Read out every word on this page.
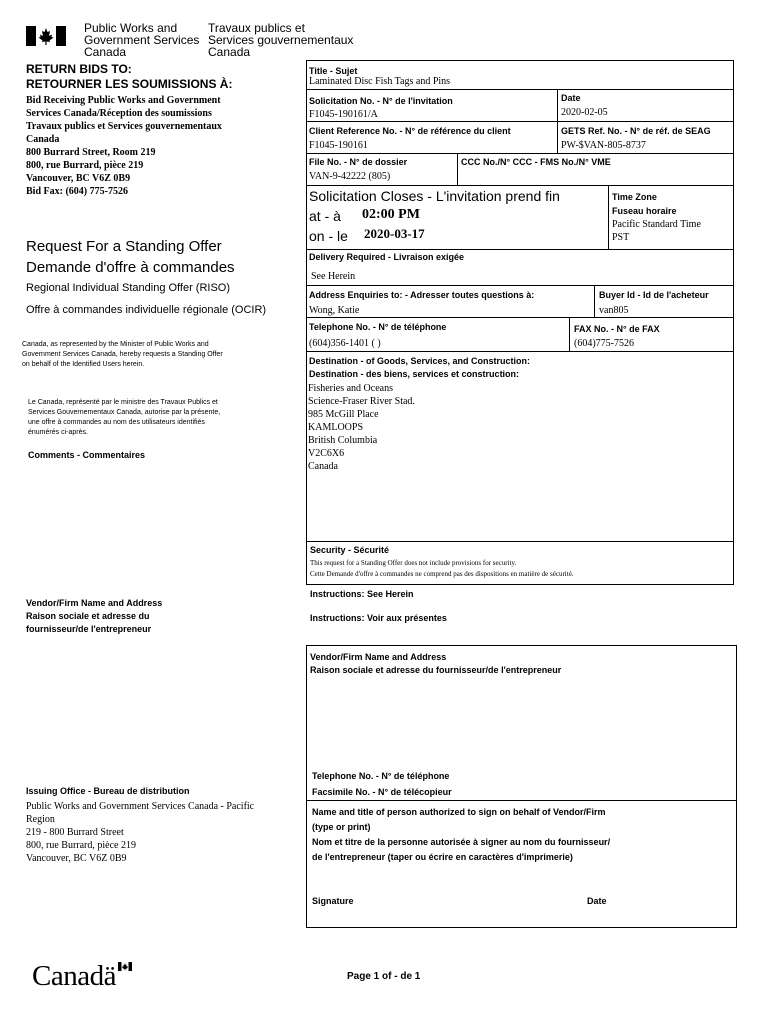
Public Works and
Government Services
Canada
Travaux publics et
Services gouvernementaux
Canada
RETURN BIDS TO:
RETOURNER LES SOUMISSIONS À:
Bid Receiving Public Works and Government
Services Canada/Réception des soumissions
Travaux publics et Services gouvernementaux
Canada
800 Burrard Street, Room 219
800, rue Burrard, pièce 219
Vancouver, BC V6Z 0B9
Bid Fax: (604) 775-7526
Request For a Standing Offer
Demande d'offre à commandes
Regional Individual Standing Offer (RISO)
Offre à commandes individuelle régionale (OCIR)
Canada, as represented by the Minister of Public Works and
Government Services Canada, hereby requests a Standing Offer
on behalf of the Identified Users herein.
Le Canada, représenté par le ministre des Travaux Publics et
Services Gouvernementaux Canada, autorise par la présente,
une offre à commandes au nom des utilisateurs identifiés
énumérés ci-après.
Comments - Commentaires
Vendor/Firm Name and Address
Raison sociale et adresse du
fournisseur/de l'entrepreneur
Issuing Office - Bureau de distribution
Public Works and Government Services Canada - Pacific
Region
219 - 800 Burrard Street
800, rue Burrard, pièce 219
Vancouver, BC V6Z 0B9
Title - Sujet
Laminated Disc Fish Tags and Pins
Solicitation No. - N° de l'invitation
F1045-190161/A
Date
2020-02-05
Client Reference No. - N° de référence du client
F1045-190161
GETS Ref. No. - N° de réf. de SEAG
PW-$VAN-805-8737
File No. - N° de dossier
VAN-9-42222 (805)
CCC No./N° CCC - FMS No./N° VME
Solicitation Closes - L'invitation prend fin
at - à 02:00 PM
on - le 2020-03-17
Time Zone
Fuseau horaire
Pacific Standard Time
PST
Delivery Required - Livraison exigée
See Herein
Address Enquiries to: - Adresser toutes questions à:
Wong, Katie
Buyer Id - Id de l'acheteur
van805
Telephone No. - N° de téléphone
(604)356-1401 ( )
FAX No. - N° de FAX
(604)775-7526
Destination - of Goods, Services, and Construction:
Destination - des biens, services et construction:
Fisheries and Oceans
Science-Fraser River Stad.
985 McGill Place
KAMLOOPS
British Columbia
V2C6X6
Canada
Security - Sécurité
This request for a Standing Offer does not include provisions for security.
Cette Demande d'offre à commandes ne comprend pas des dispositions en matière de sécurité.
Instructions: See Herein
Instructions: Voir aux présentes
Vendor/Firm Name and Address
Raison sociale et adresse du fournisseur/de l'entrepreneur
Telephone No. - N° de téléphone
Facsimile No. - N° de télécopieur
Name and title of person authorized to sign on behalf of Vendor/Firm
(type or print)
Nom et titre de la personne autorisée à signer au nom du fournisseur/
de l'entrepreneur (taper ou écrire en caractères d'imprimerie)
Signature	Date
Canadä	Page 1 of - de 1
